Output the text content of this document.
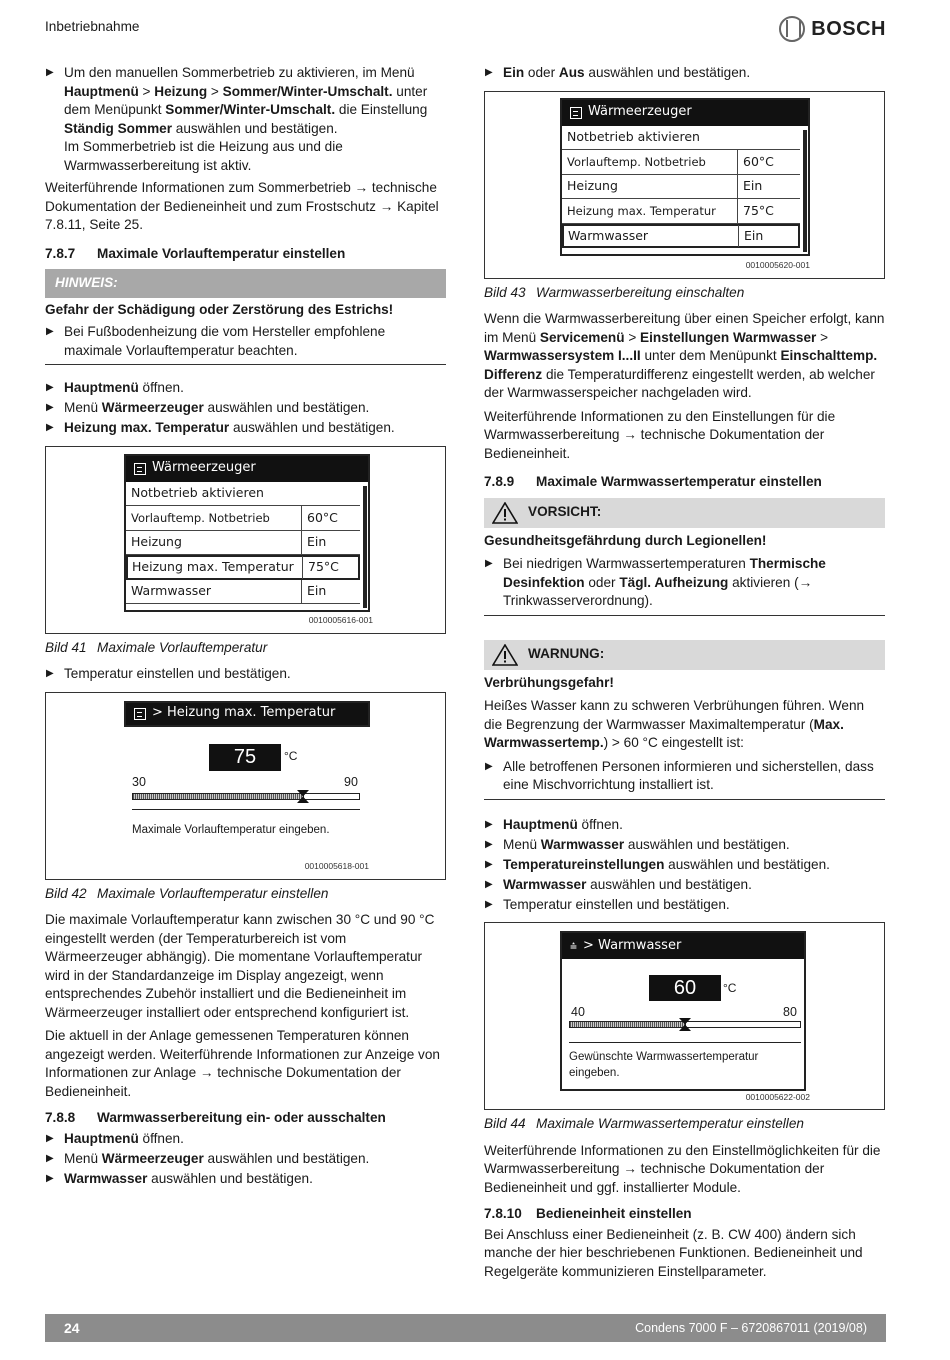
Inbetriebnahme	BOSCH
▶ Um den manuellen Sommerbetrieb zu aktivieren, im Menü Hauptmenü > Heizung > Sommer/Winter-Umschalt. unter dem Menüpunkt Sommer/Winter-Umschalt. die Einstellung Ständig Sommer auswählen und bestätigen.
Im Sommerbetrieb ist die Heizung aus und die Warmwasserbereitung ist aktiv.

Weiterführende Informationen zum Sommerbetrieb → technische Dokumentation der Bedieneinheit und zum Frostschutz → Kapitel 7.8.11, Seite 25.

7.8.7	Maximale Vorlauftemperatur einstellen
HINWEIS:
Gefahr der Schädigung oder Zerstörung des Estrichs!
▶ Bei Fußbodenheizung die vom Hersteller empfohlene maximale Vorlauftemperatur beachten.
▶ Hauptmenü öffnen.
▶ Menü Wärmeerzeuger auswählen und bestätigen.
▶ Heizung max. Temperatur auswählen und bestätigen.
Wärmeerzeuger
Notbetrieb aktivieren
Vorlauftemp. Notbetrieb	60°C
Heizung	Ein
Heizung max. Temperatur	75°C
Warmwasser	Ein
0010005616-001
Bild 41 Maximale Vorlauftemperatur
▶ Temperatur einstellen und bestätigen.
> Heizung max. Temperatur
75	°C
30	90
Maximale Vorlauftemperatur eingeben.
0010005618-001
Bild 42 Maximale Vorlauftemperatur einstellen

Die maximale Vorlauftemperatur kann zwischen 30 °C und 90 °C eingestellt werden (der Temperaturbereich ist vom Wärmeerzeuger abhängig). Die momentane Vorlauftemperatur wird in der Standardanzeige im Display angezeigt, wenn entsprechendes Zubehör installiert und die Bedieneinheit im Wärmeerzeuger installiert oder entsprechend konfiguriert ist.

Die aktuell in der Anlage gemessenen Temperaturen können angezeigt werden. Weiterführende Informationen zur Anzeige von Informationen zur Anlage → technische Dokumentation der Bedieneinheit.

7.8.8	Warmwasserbereitung ein- oder ausschalten
▶ Hauptmenü öffnen.
▶ Menü Wärmeerzeuger auswählen und bestätigen.
▶ Warmwasser auswählen und bestätigen.
▶ Ein oder Aus auswählen und bestätigen.
Wärmeerzeuger
Notbetrieb aktivieren
Vorlauftemp. Notbetrieb	60°C
Heizung	Ein
Heizung max. Temperatur	75°C
Warmwasser	Ein
0010005620-001
Bild 43 Warmwasserbereitung einschalten

Wenn die Warmwasserbereitung über einen Speicher erfolgt, kann im Menü Servicemenü > Einstellungen Warmwasser > Warmwassersystem I...II unter dem Menüpunkt Einschalttemp. Differenz die Temperaturdifferenz eingestellt werden, ab welcher der Warmwasserspeicher nachgeladen wird.

Weiterführende Informationen zu den Einstellungen für die Warmwasserbereitung → technische Dokumentation der Bedieneinheit.

7.8.9	Maximale Warmwassertemperatur einstellen
VORSICHT:
Gesundheitsgefährdung durch Legionellen!
▶ Bei niedrigen Warmwassertemperaturen Thermische Desinfektion oder Tägl. Aufheizung aktivieren (→ Trinkwasserverordnung).
WARNUNG:
Verbrühungsgefahr!

Heißes Wasser kann zu schweren Verbrühungen führen. Wenn die Begrenzung der Warmwasser Maximaltemperatur (Max. Warmwassertemp.) > 60 °C eingestellt ist:

▶ Alle betroffenen Personen informieren und sicherstellen, dass eine Mischvorrichtung installiert ist.
▶ Hauptmenü öffnen.
▶ Menü Warmwasser auswählen und bestätigen.
▶ Temperatureinstellungen auswählen und bestätigen.
▶ Warmwasser auswählen und bestätigen.
▶ Temperatur einstellen und bestätigen.
⩮ > Warmwasser
60	°C
40	80
Gewünschte Warmwassertemperatur eingeben.
0010005622-002
Bild 44 Maximale Warmwassertemperatur einstellen

Weiterführende Informationen zu den Einstellmöglichkeiten für die Warmwasserbereitung → technische Dokumentation der Bedieneinheit und ggf. installierter Module.

7.8.10	Bedieneinheit einstellen

Bei Anschluss einer Bedieneinheit (z. B. CW 400) ändern sich manche der hier beschriebenen Funktionen. Bedieneinheit und Regelgeräte kommunizieren Einstellparameter.

24	Condens 7000 F – 6720867011 (2019/08)
